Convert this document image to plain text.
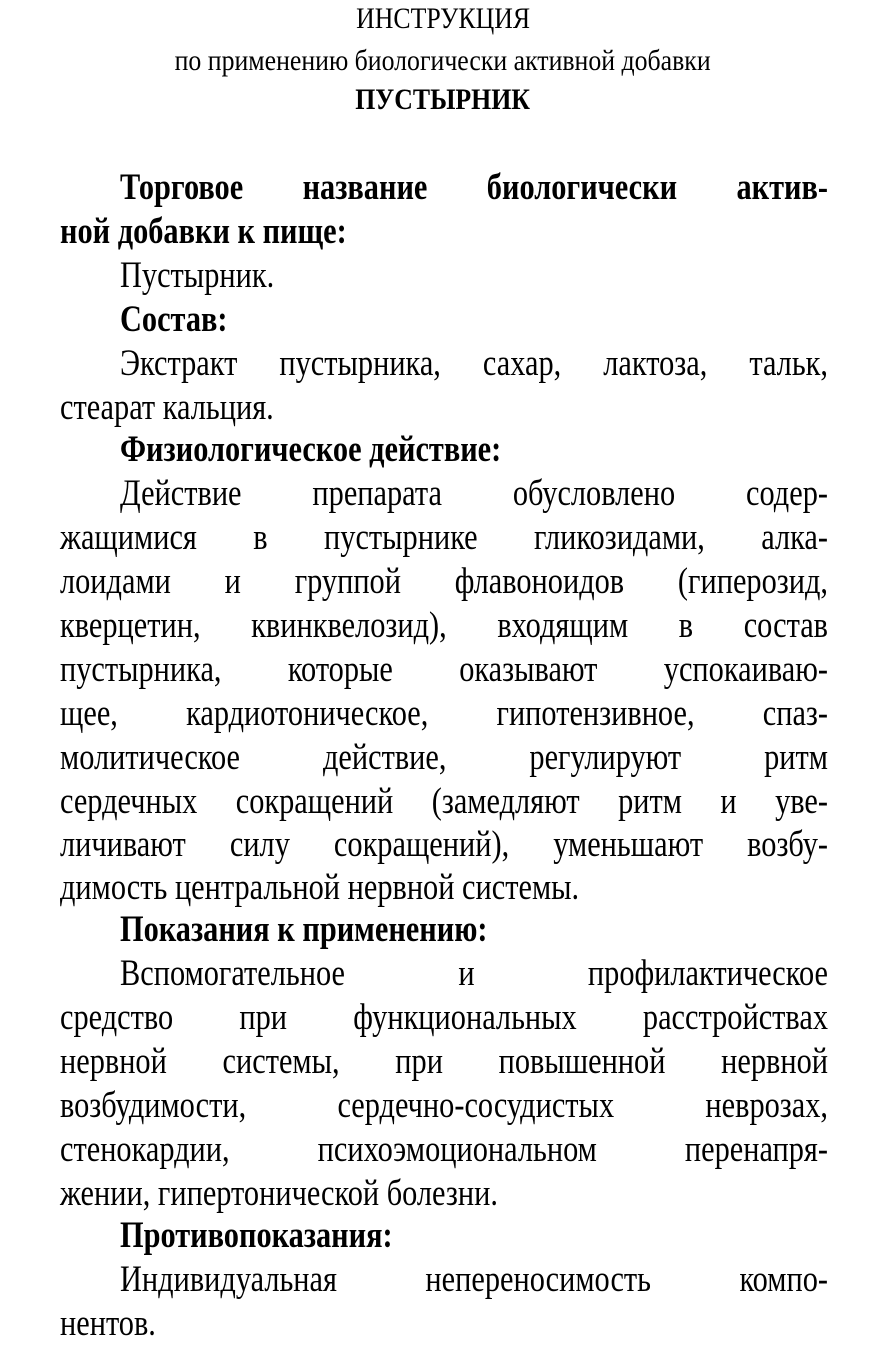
ИНСТРУКЦИЯ
по применению биологически активной добавки
ПУСТЫРНИК
Торговое название биологически актив-
ной добавки к пище:
Пустырник.
Состав:
Экстракт пустырника, сахар, лактоза, тальк,
стеарат кальция.
Физиологическое действие:
Действие препарата обусловлено содер-
жащимися в пустырнике гликозидами, алка-
лоидами и группой флавоноидов (гиперозид,
кверцетин, квинквелозид), входящим в состав
пустырника, которые оказывают успокаиваю-
щее, кардиотоническое, гипотензивное, спаз-
молитическое действие, регулируют ритм
сердечных сокращений (замедляют ритм и уве-
личивают силу сокращений), уменьшают возбу-
димость центральной нервной системы.
Показания к применению:
Вспомогательное и профилактическое
средство при функциональных расстройствах
нервной системы, при повышенной нервной
возбудимости, сердечно-сосудистых неврозах,
стенокардии, психоэмоциональном перенапря-
жении, гипертонической болезни.
Противопоказания:
Индивидуальная непереносимость компо-
нентов.
